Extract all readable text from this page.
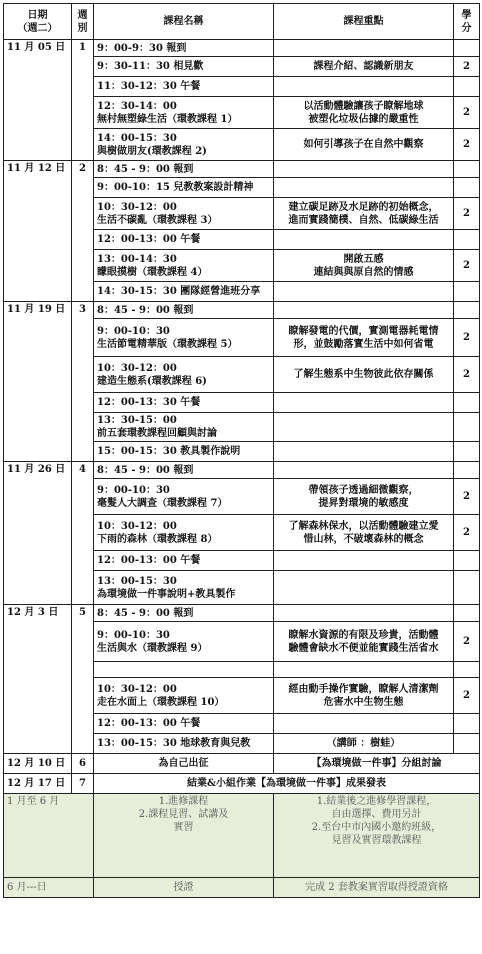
日期
（週二）	週別	課程名稱	課程重點	學分
11 月 05 日	1	9：00-9：30 報到		
		9：30-11：30 相見歡	課程介紹、認識新朋友	2
		11：30-12：30 午餐		
		12：30-14：00
無村無塑綠生活（環教課程 1）	以活動體驗讓孩子瞭解地球
被塑化垃圾佔據的嚴重性	2
		14：00-15：30
與樹做朋友(環教課程 2)	如何引導孩子在自然中觀察	2
11 月 12 日	2	8：45 - 9：00 報到		
		9：00-10：15 兒教教案設計精神		
		10：30-12：00
生活不碳亂（環教課程 3）	建立碳足跡及水足跡的初始概念，
進而實踐簡樸、自然、低碳綠生活	2
		12：00-13：00 午餐		
		13：00-14：30
矇眼摸樹（環教課程 4）	開啟五感
連結與與原自然的情感	2
		14：30-15：30 團隊經營進班分享		
11 月 19 日	3	8：45 - 9：00 報到		
		9：00-10：30
生活節電精華版（環教課程 5）	瞭解發電的代價，實測電器耗電情
形，並鼓勵落實生活中如何省電	2
		10：30-12：00
建造生態系(環教課程 6)	了解生態系中生物彼此依存關係	2
		12：00-13：30 午餐		
		13：30-15：00
前五套環教課程回顧與討論		
		15：00-15：30 教具製作說明		
11 月 26 日	4	8：45 - 9：00 報到		
		9：00-10：30
毫髮人大調查（環教課程 7）	帶領孩子透過細微觀察，
提昇對環境的敏感度	2
		10：30-12：00
下雨的森林（環教課程 8）	了解森林保水，以活動體驗建立愛
惜山林，不破壞森林的概念	2
		12：00-13：00 午餐		
		13：00-15：30
為環境做一件事說明+教具製作		
12 月 3 日	5	8：45 - 9：00 報到		
		9：00-10：30
生活與水（環教課程 9）	瞭解水資源的有限及珍貴，活動體
驗體會缺水不便並能實踐生活省水	2

		10：30-12：00
走在水面上（環教課程 10）	經由動手操作實驗，瞭解人清潔劑
危害水中生物生態	2
		12：00-13：00 午餐		
		13：00-15：30 地球教育與兒教	（講師 ：樹蛙）	
12 月 10 日	6	為自己出征	【為環境做一件事】分組討論	
12 月 17 日	7	結業&小組作業【為環境做一件事】成果發表		
1 月至 6 月		1.進修課程
2.課程見習、試講及
實習	1.結業後之進修學習課程，
自由選擇、費用另計
2.至台中市內國小邀約班級，
見習及實習環教課程	
6 月---日		授證	完成 2 套教案實習取得授證資格	
